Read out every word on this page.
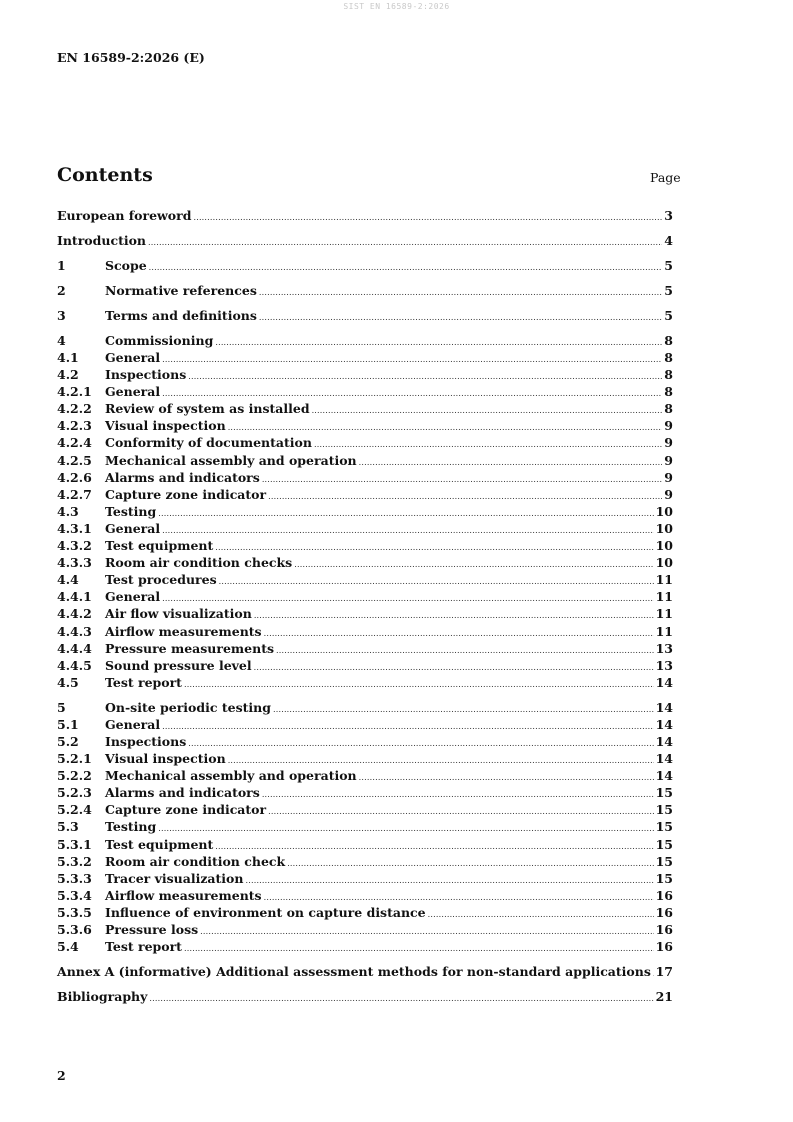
SIST EN 16589-2:2026
EN 16589-2:2026 (E)
Contents	Page
European foreword .....	3
Introduction .....	4
1	Scope .....	5
2	Normative references .....	5
3	Terms and definitions .....	5
4	Commissioning .....	8
4.1	General .....	8
4.2	Inspections .....	8
4.2.1	General .....	8
4.2.2	Review of system as installed .....	8
4.2.3	Visual inspection .....	9
4.2.4	Conformity of documentation .....	9
4.2.5	Mechanical assembly and operation .....	9
4.2.6	Alarms and indicators .....	9
4.2.7	Capture zone indicator .....	9
4.3	Testing .....	10
4.3.1	General .....	10
4.3.2	Test equipment .....	10
4.3.3	Room air condition checks .....	10
4.4	Test procedures .....	11
4.4.1	General .....	11
4.4.2	Air flow visualization .....	11
4.4.3	Airflow measurements .....	11
4.4.4	Pressure measurements .....	13
4.4.5	Sound pressure level .....	13
4.5	Test report .....	14
5	On-site periodic testing .....	14
5.1	General .....	14
5.2	Inspections .....	14
5.2.1	Visual inspection .....	14
5.2.2	Mechanical assembly and operation .....	14
5.2.3	Alarms and indicators .....	15
5.2.4	Capture zone indicator .....	15
5.3	Testing .....	15
5.3.1	Test equipment .....	15
5.3.2	Room air condition check .....	15
5.3.3	Tracer visualization .....	15
5.3.4	Airflow measurements .....	16
5.3.5	Influence of environment on capture distance .....	16
5.3.6	Pressure loss .....	16
5.4	Test report .....	16
Annex A (informative) Additional assessment methods for non-standard applications ..... 17
Bibliography .....	21
2
